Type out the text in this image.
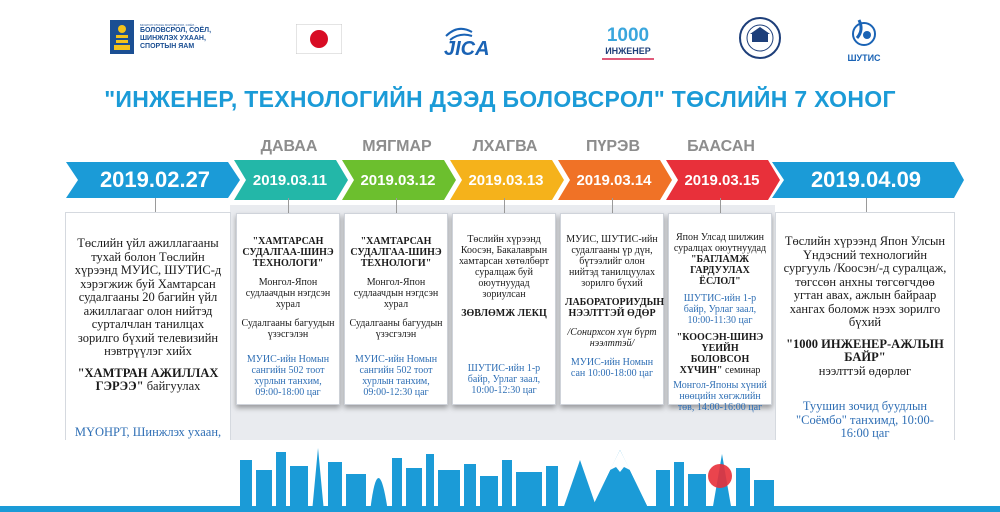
МОНГОЛ УЛСЫН БОЛОВСРОЛ, СОЁЛ...
БОЛОВСРОЛ, СОЁЛ, ШИНЖЛЭХ УХААН, СПОРТЫН ЯАМ	JICA
1000
ИНЖЕНЕР
ШУТИС
"ИНЖЕНЕР, ТЕХНОЛОГИЙН ДЭЭД БОЛОВСРОЛ" ТӨСЛИЙН 7 ХОНОГ
ДАВАА	МЯГМАР	ЛХАГВА	ПҮРЭВ	БААСАН
2019.02.27	2019.03.11	2019.03.12	2019.03.13	2019.03.14	2019.03.15	2019.04.09
Төслийн үйл ажиллагааны тухай болон Төслийн хүрээнд МУИС, ШУТИС-д хэрэгжиж буй Хамтарсан судалгааны 20 багийн үйл ажиллагааг олон нийтэд сурталчлан танилцах зорилго бүхий телевизийн нэвтрүүлэг хийх
"ХАМТРАН АЖИЛЛАХ ГЭРЭЭ" байгуулах
МҮОНРТ, Шинжлэх ухаан,
"ХАМТАРСАН СУДАЛГАА-ШИНЭ ТЕХНОЛОГИ"
Монгол-Япон судлаачдын нэгдсэн хурал
Судалгааны багуудын үзэсгэлэн
МУИС-ийн Номын сангийн 502 тоот хурлын танхим, 09:00-18:00 цаг
"ХАМТАРСАН СУДАЛГАА-ШИНЭ ТЕХНОЛОГИ"
Монгол-Япон судлаачдын нэгдсэн хурал
Судалгааны багуудын үзэсгэлэн
МУИС-ийн Номын сангийн 502 тоот хурлын танхим, 09:00-12:30 цаг
Төслийн хүрээнд Коосэн, Бакалаврын хамтарсан хөтөлбөрт суралцаж буй оюутнуудад зориулсан
ЗӨВЛӨМЖ ЛЕКЦ
ШУТИС-ийн 1-р байр, Урлаг заал, 10:00-12:30 цаг
МУИС, ШУТИС-ийн судалгааны үр дүн, бүтээлийг олон нийтэд танилцуулах зорилго бүхий
ЛАБОРАТОРИУДЫН НЭЭЛТТЭЙ ӨДӨР
/Сонирхсон хүн бүрт нээлттэй/
МУИС-ийн Номын сан 10:00-18:00 цаг
Япон Улсад шилжин суралцах оюутнуудад
"БАГЛАМЖ ГАРДУУЛАХ ЁСЛОЛ"
ШУТИС-ийн 1-р байр, Урлаг заал, 10:00-11:30 цаг
"КООСЭН-ШИНЭ ҮЕИЙН БОЛОВСОН ХҮЧИН" семинар
Монгол-Японы хүний нөөцийн хөгжлийн төв, 14:00-16:00 цаг
Төслийн хүрээнд Япон Улсын Үндэсний технологийн сургууль /Коосэн/-д суралцаж, төгссөн анхны төгсөгчдөө угтан авах, ажлын байраар хангах боломж нээх зорилго бүхий
"1000 ИНЖЕНЕР-АЖЛЫН БАЙР"
нээлттэй өдөрлөг
Туушин зочид буудлын "Соёмбо" танхимд, 10:00-16:00 цаг
